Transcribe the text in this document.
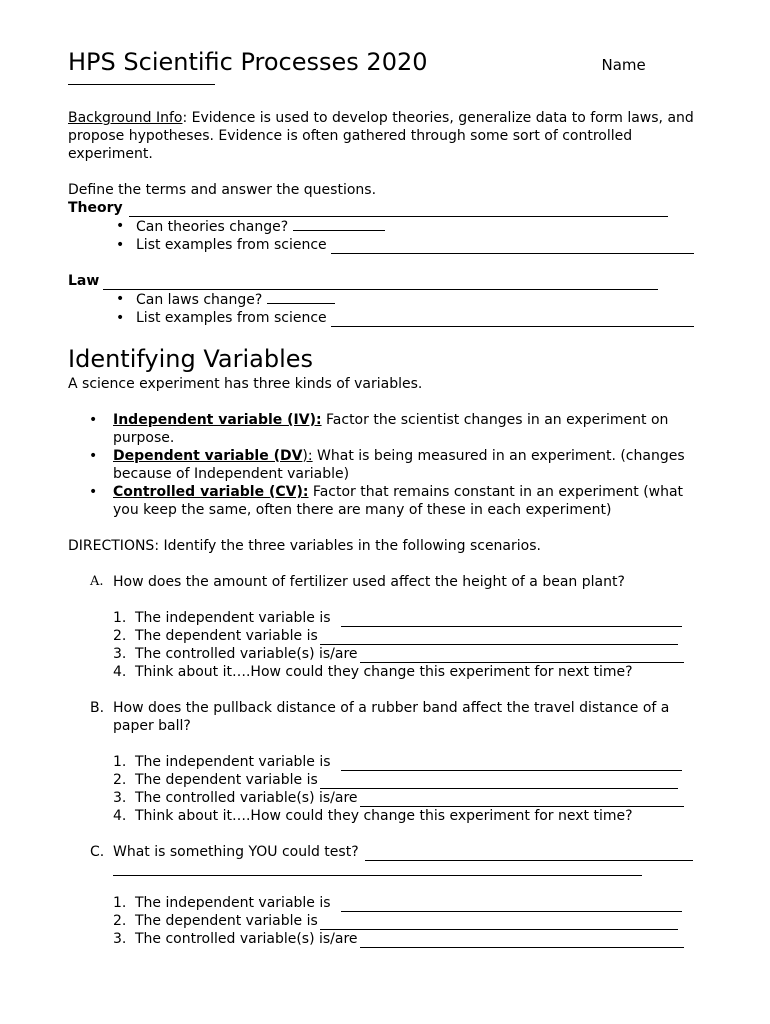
HPS Scientific Processes 2020	Name
Background Info: Evidence is used to develop theories, generalize data to form laws, and propose hypotheses. Evidence is often gathered through some sort of controlled experiment.
Define the terms and answer the questions.
Theory
• Can theories change?
• List examples from science
Law
• Can laws change?
• List examples from science
Identifying Variables
A science experiment has three kinds of variables.
• Independent variable (IV): Factor the scientist changes in an experiment on purpose.
• Dependent variable (DV): What is being measured in an experiment. (changes because of Independent variable)
• Controlled variable (CV): Factor that remains constant in an experiment (what you keep the same, often there are many of these in each experiment)
DIRECTIONS: Identify the three variables in the following scenarios.
A. How does the amount of fertilizer used affect the height of a bean plant?
1. The independent variable is
2. The dependent variable is
3. The controlled variable(s) is/are
4. Think about it….How could they change this experiment for next time?
B. How does the pullback distance of a rubber band affect the travel distance of a paper ball?
1. The independent variable is
2. The dependent variable is
3. The controlled variable(s) is/are
4. Think about it….How could they change this experiment for next time?
C. What is something YOU could test?
1. The independent variable is
2. The dependent variable is
3. The controlled variable(s) is/are
